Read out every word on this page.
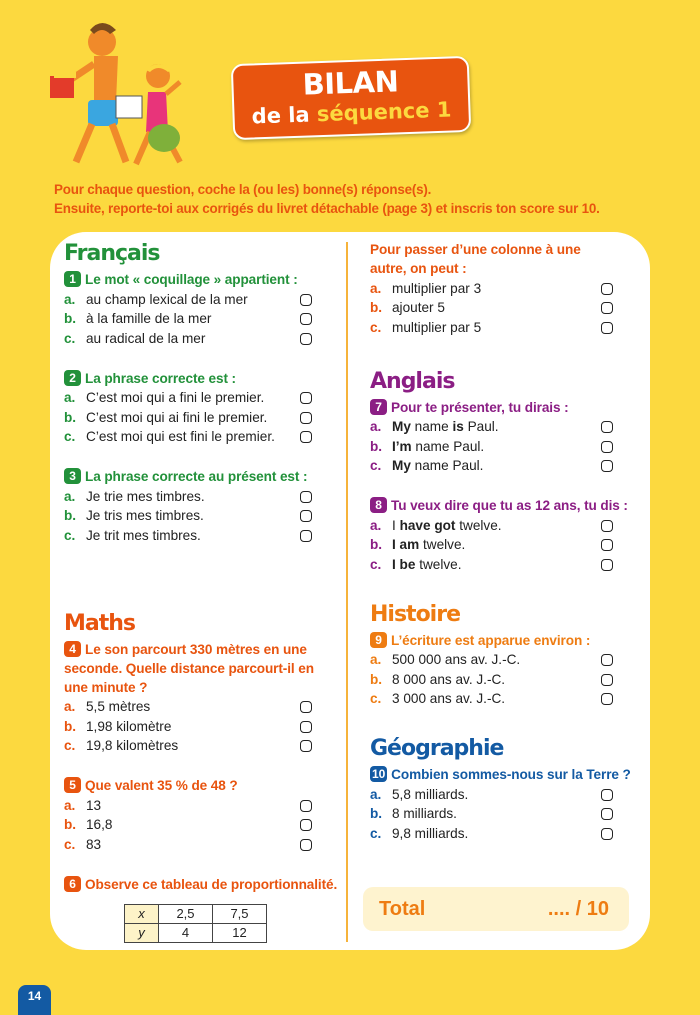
BILAN
de la séquence 1
Pour chaque question, coche la (ou les) bonne(s) réponse(s).
Ensuite, reporte-toi aux corrigés du livret détachable (page 3) et inscris ton score sur 10.
Français
1 Le mot « coquillage » appartient :
a. au champ lexical de la mer
b. à la famille de la mer
c. au radical de la mer
2 La phrase correcte est :
a. C’est moi qui a fini le premier.
b. C’est moi qui ai fini le premier.
c. C’est moi qui est fini le premier.
3 La phrase correcte au présent est :
a. Je trie mes timbres.
b. Je tris mes timbres.
c. Je trit mes timbres.
Maths
4 Le son parcourt 330 mètres en une seconde. Quelle distance parcourt-il en une minute ?
a. 5,5 mètres
b. 1,98 kilomètre
c. 19,8 kilomètres
5 Que valent 35 % de 48 ?
a. 13
b. 16,8
c. 83
6 Observe ce tableau de proportionnalité.
x	2,5	7,5
y	4	12
Pour passer d’une colonne à une autre, on peut :
a. multiplier par 3
b. ajouter 5
c. multiplier par 5
Anglais
7 Pour te présenter, tu dirais :
a. My name is Paul.
b. I’m name Paul.
c. My name Paul.
8 Tu veux dire que tu as 12 ans, tu dis :
a. I have got twelve.
b. I am twelve.
c. I be twelve.
Histoire
9 L’écriture est apparue environ :
a. 500 000 ans av. J.-C.
b. 8 000 ans av. J.-C.
c. 3 000 ans av. J.-C.
Géographie
10 Combien sommes-nous sur la Terre ?
a. 5,8 milliards.
b. 8 milliards.
c. 9,8 milliards.
Total	.... / 10
14
